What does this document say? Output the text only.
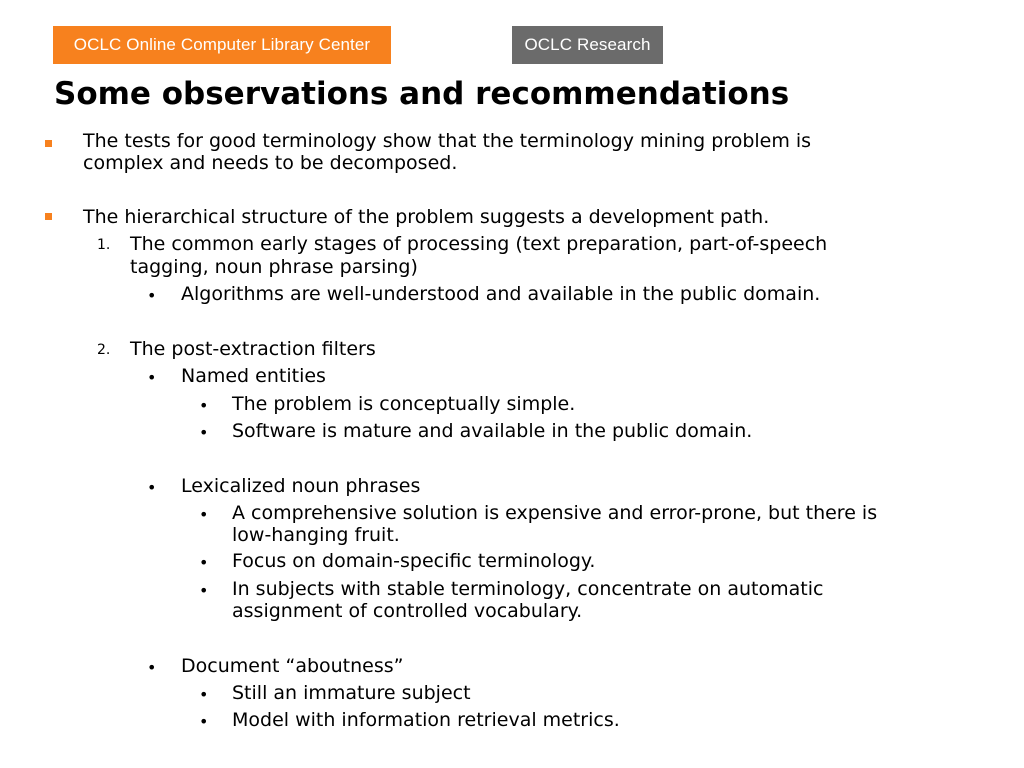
OCLC Online Computer Library Center	OCLC Research
Some observations and recommendations
The tests for good terminology show that the terminology mining problem is
complex and needs to be decomposed.
The hierarchical structure of the problem suggests a development path.
1. The common early stages of processing (text preparation, part-of-speech
tagging, noun phrase parsing)
• Algorithms are well-understood and available in the public domain.
2. The post-extraction filters
• Named entities
• The problem is conceptually simple.
• Software is mature and available in the public domain.
• Lexicalized noun phrases
• A comprehensive solution is expensive and error-prone, but there is
low-hanging fruit.
• Focus on domain-specific terminology.
• In subjects with stable terminology, concentrate on automatic
assignment of controlled vocabulary.
• Document “aboutness”
• Still an immature subject
• Model with information retrieval metrics.
